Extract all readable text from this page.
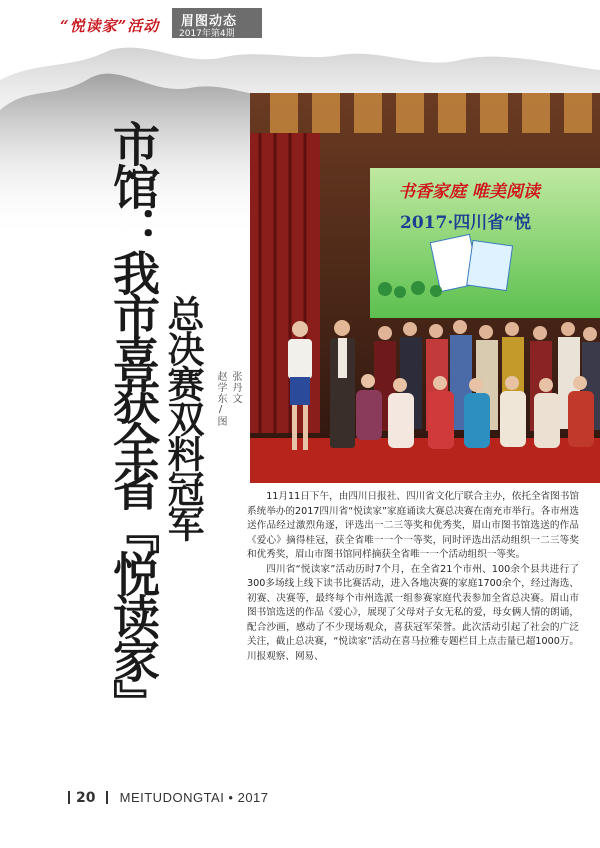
“悦读家”活动 眉图动态
2017年第4期
市馆：我市喜获全省『悦读家』 总决赛双料冠军	张丹文
赵学东/图
书香家庭 唯美阅读
2017·四川省“悦

11月11日下午，由四川日报社、四川省文化厅联合主办，依托全省图书馆系统举办的2017四川省“悦读家”家庭诵读大赛总决赛在南充市举行。各市州选送作品经过激烈角逐，评选出一二三等奖和优秀奖，眉山市图书馆选送的作品《爱心》摘得桂冠，获全省唯一一个一等奖，同时评选出活动组织一二三等奖和优秀奖，眉山市图书馆同样摘获全省唯一一个活动组织一等奖。

四川省“悦读家”活动历时7个月，在全省21个市州、100余个县共进行了300多场线上线下读书比赛活动，进入各地决赛的家庭1700余个，经过海选、初赛、决赛等，最终每个市州选派一组参赛家庭代表参加全省总决赛。眉山市图书馆选送的作品《爱心》，展现了父母对子女无私的爱，母女俩人情的朗诵，配合沙画，感动了不少现场观众，喜获冠军荣誉。此次活动引起了社会的广泛关注，截止总决赛，“悦读家”活动在喜马拉雅专题栏目上点击量已超1000万。川报观察、网易、

20 MEITUDONGTAI • 2017
